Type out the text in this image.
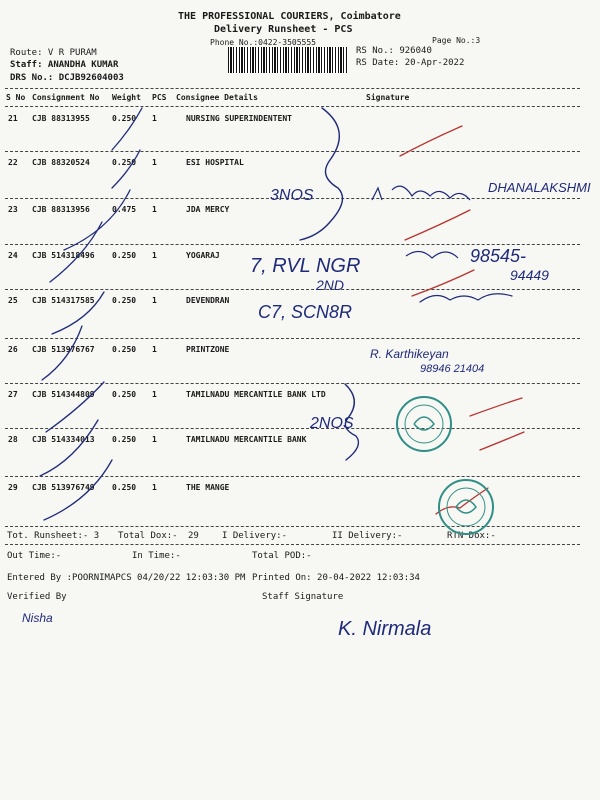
THE PROFESSIONAL COURIERS, Coimbatore
Delivery Runsheet - PCS
Phone No.:0422-3505555	Page No.:3
Route: V R PURAM
Staff: ANANDHA KUMAR
DRS No.: DCJB92604003
RS No.: 926040
RS Date: 20-Apr-2022
S No Consignment No Weight PCS Consignee Details	Signature
21 CJB 88313955	0.250 1	NURSING SUPERINDENTENT
22 CJB 88320524	0.250 1	ESI HOSPITAL
23 CJB 88313956	0.475 1	JDA MERCY
24 CJB 514318496 0.250 1	YOGARAJ
25 CJB 514317585 0.250 1	DEVENDRAN
26 CJB 513976767 0.250 1	PRINTZONE
27 CJB 514344809 0.250 1	TAMILNADU MERCANTILE BANK LTD
28 CJB 514334013 0.250 1	TAMILNADU MERCANTILE BANK
29 CJB 513976749 0.250 1	THE MANGE
Tot. Runsheet:- 3 Total Dox:- 29	I Delivery:-	II Delivery:-	RTN Dox:-
Out Time:-	In Time:-	Total POD:-
Entered By :POORNIMAPCS 04/20/22 12:03:30 PM Printed On: 20-04-2022 12:03:34
Verified By	Staff Signature
3NOS	DHANALAKSHMI
7, RVL NGR
2ND
98545-
94449
C7, SCN8R
R. Karthikeyan
98946 21404
2NOS
K. Nirmala
Nisha
